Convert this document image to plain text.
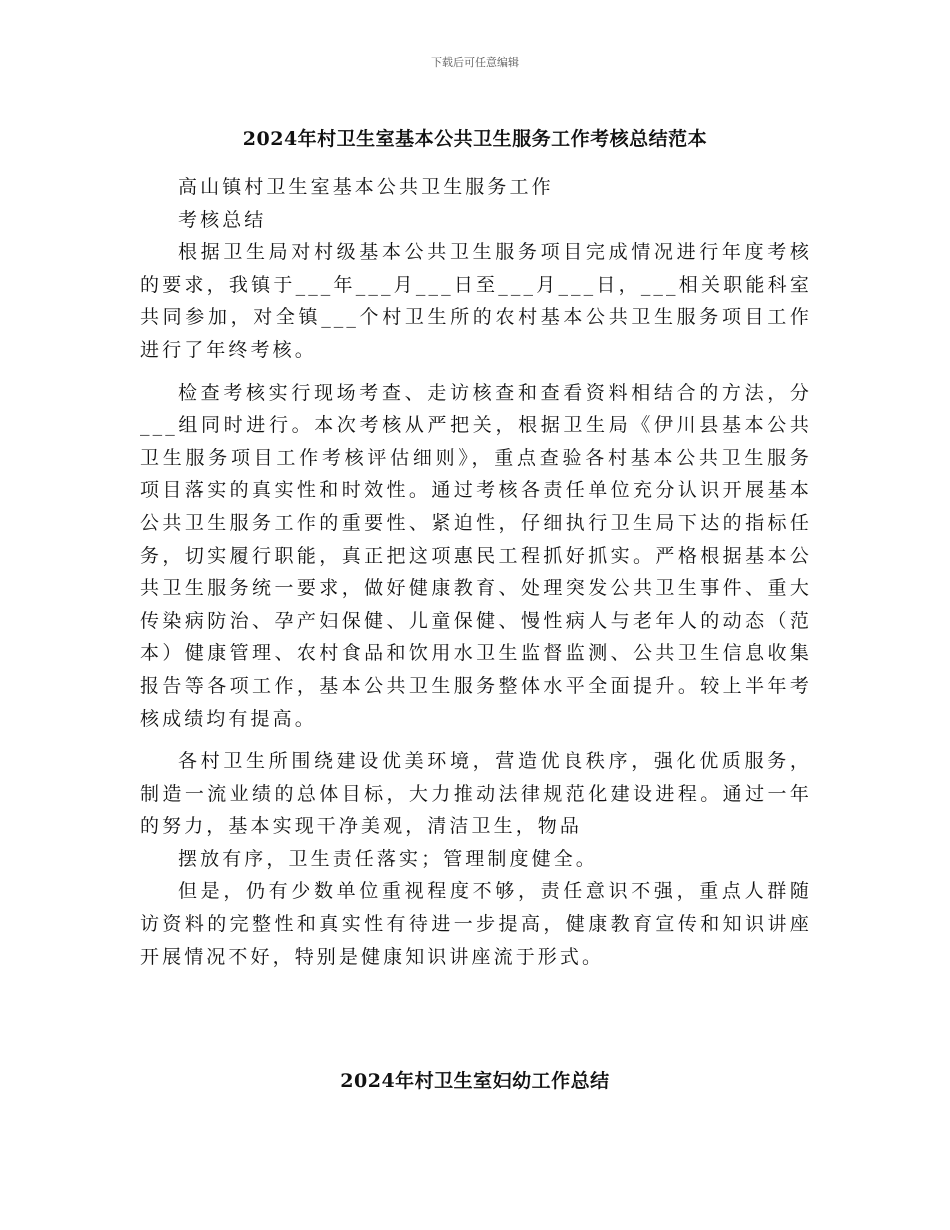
下载后可任意编辑
2024年村卫生室基本公共卫生服务工作考核总结范本

高山镇村卫生室基本公共卫生服务工作

考核总结

根据卫生局对村级基本公共卫生服务项目完成情况进行年度考核的要求，我镇于___年___月___日至___月___日，___相关职能科室共同参加，对全镇___个村卫生所的农村基本公共卫生服务项目工作进行了年终考核。

检查考核实行现场考查、走访核查和查看资料相结合的方法，分___组同时进行。本次考核从严把关，根据卫生局《伊川县基本公共卫生服务项目工作考核评估细则》，重点查验各村基本公共卫生服务项目落实的真实性和时效性。通过考核各责任单位充分认识开展基本公共卫生服务工作的重要性、紧迫性，仔细执行卫生局下达的指标任务，切实履行职能，真正把这项惠民工程抓好抓实。严格根据基本公共卫生服务统一要求，做好健康教育、处理突发公共卫生事件、重大传染病防治、孕产妇保健、儿童保健、慢性病人与老年人的动态（范本）健康管理、农村食品和饮用水卫生监督监测、公共卫生信息收集报告等各项工作，基本公共卫生服务整体水平全面提升。较上半年考核成绩均有提高。

各村卫生所围绕建设优美环境，营造优良秩序，强化优质服务，制造一流业绩的总体目标，大力推动法律规范化建设进程。通过一年的努力，基本实现干净美观，清洁卫生，物品

摆放有序，卫生责任落实；管理制度健全。

但是，仍有少数单位重视程度不够，责任意识不强，重点人群随访资料的完整性和真实性有待进一步提高，健康教育宣传和知识讲座开展情况不好，特别是健康知识讲座流于形式。

2024年村卫生室妇幼工作总结
